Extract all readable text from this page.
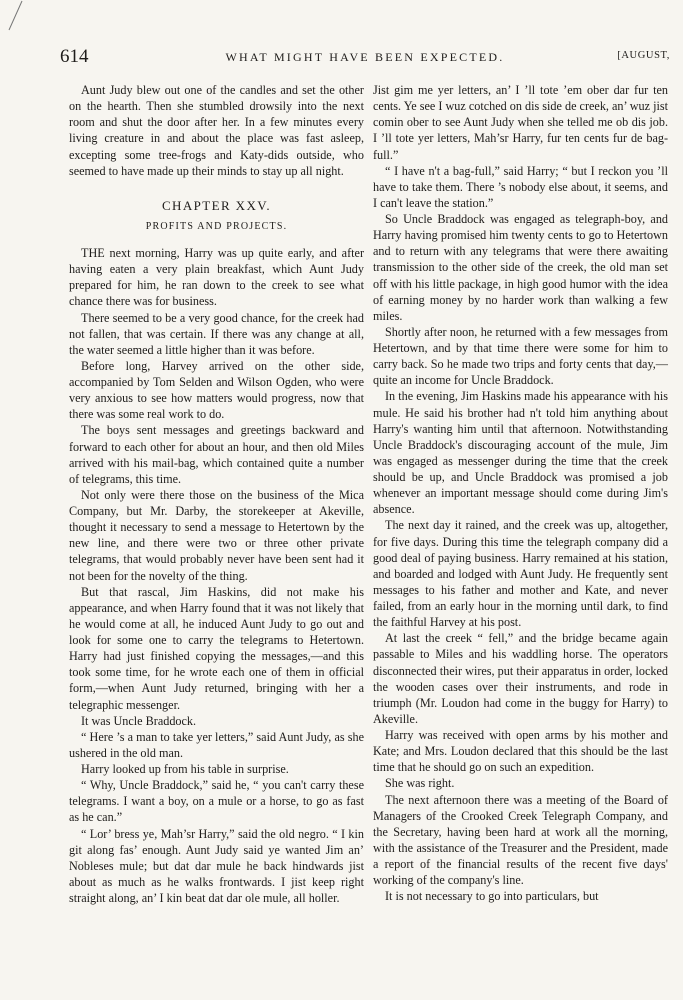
614	WHAT MIGHT HAVE BEEN EXPECTED.	[AUGUST,

Aunt Judy blew out one of the candles and set the other on the hearth. Then she stumbled drowsily into the next room and shut the door after her. In a few minutes every living creature in and about the place was fast asleep, excepting some tree-frogs and Katy-dids outside, who seemed to have made up their minds to stay up all night.

CHAPTER XXV.
PROFITS AND PROJECTS.

THE next morning, Harry was up quite early, and after having eaten a very plain breakfast, which Aunt Judy prepared for him, he ran down to the creek to see what chance there was for business.

There seemed to be a very good chance, for the creek had not fallen, that was certain. If there was any change at all, the water seemed a little higher than it was before.

Before long, Harvey arrived on the other side, accompanied by Tom Selden and Wilson Ogden, who were very anxious to see how matters would progress, now that there was some real work to do.

The boys sent messages and greetings backward and forward to each other for about an hour, and then old Miles arrived with his mail-bag, which contained quite a number of telegrams, this time.

Not only were there those on the business of the Mica Company, but Mr. Darby, the storekeeper at Akeville, thought it necessary to send a message to Hetertown by the new line, and there were two or three other private telegrams, that would probably never have been sent had it not been for the novelty of the thing.

But that rascal, Jim Haskins, did not make his appearance, and when Harry found that it was not likely that he would come at all, he induced Aunt Judy to go out and look for some one to carry the telegrams to Hetertown. Harry had just finished copying the messages,—and this took some time, for he wrote each one of them in official form,—when Aunt Judy returned, bringing with her a telegraphic messenger.

It was Uncle Braddock.

“ Here ’s a man to take yer letters,” said Aunt Judy, as she ushered in the old man.

Harry looked up from his table in surprise.

“ Why, Uncle Braddock,” said he, “ you can't carry these telegrams. I want a boy, on a mule or a horse, to go as fast as he can.”

“ Lor’ bress ye, Mah’sr Harry,” said the old negro. “ I kin git along fas’ enough. Aunt Judy said ye wanted Jim an’ Nobleses mule; but dat dar mule he back hindwards jist about as much as he walks frontwards. I jist keep right straight along, an’ I kin beat dat dar ole mule, all holler.

Jist gim me yer letters, an’ I ’ll tote ’em ober dar fur ten cents. Ye see I wuz cotched on dis side de creek, an’ wuz jist comin ober to see Aunt Judy when she telled me ob dis job. I ’ll tote yer letters, Mah’sr Harry, fur ten cents fur de bag-full.”

“ I have n't a bag-full,” said Harry; “ but I reckon you ’ll have to take them. There ’s nobody else about, it seems, and I can't leave the station.”

So Uncle Braddock was engaged as telegraph-boy, and Harry having promised him twenty cents to go to Hetertown and to return with any telegrams that were there awaiting transmission to the other side of the creek, the old man set off with his little package, in high good humor with the idea of earning money by no harder work than walking a few miles.

Shortly after noon, he returned with a few messages from Hetertown, and by that time there were some for him to carry back. So he made two trips and forty cents that day,—quite an income for Uncle Braddock.

In the evening, Jim Haskins made his appearance with his mule. He said his brother had n't told him anything about Harry's wanting him until that afternoon. Notwithstanding Uncle Braddock's discouraging account of the mule, Jim was engaged as messenger during the time that the creek should be up, and Uncle Braddock was promised a job whenever an important message should come during Jim's absence.

The next day it rained, and the creek was up, altogether, for five days. During this time the telegraph company did a good deal of paying business. Harry remained at his station, and boarded and lodged with Aunt Judy. He frequently sent messages to his father and mother and Kate, and never failed, from an early hour in the morning until dark, to find the faithful Harvey at his post.

At last the creek “ fell,” and the bridge became again passable to Miles and his waddling horse. The operators disconnected their wires, put their apparatus in order, locked the wooden cases over their instruments, and rode in triumph (Mr. Loudon had come in the buggy for Harry) to Akeville.

Harry was received with open arms by his mother and Kate; and Mrs. Loudon declared that this should be the last time that he should go on such an expedition.

She was right.

The next afternoon there was a meeting of the Board of Managers of the Crooked Creek Telegraph Company, and the Secretary, having been hard at work all the morning, with the assistance of the Treasurer and the President, made a report of the financial results of the recent five days' working of the company's line.

It is not necessary to go into particulars, but
